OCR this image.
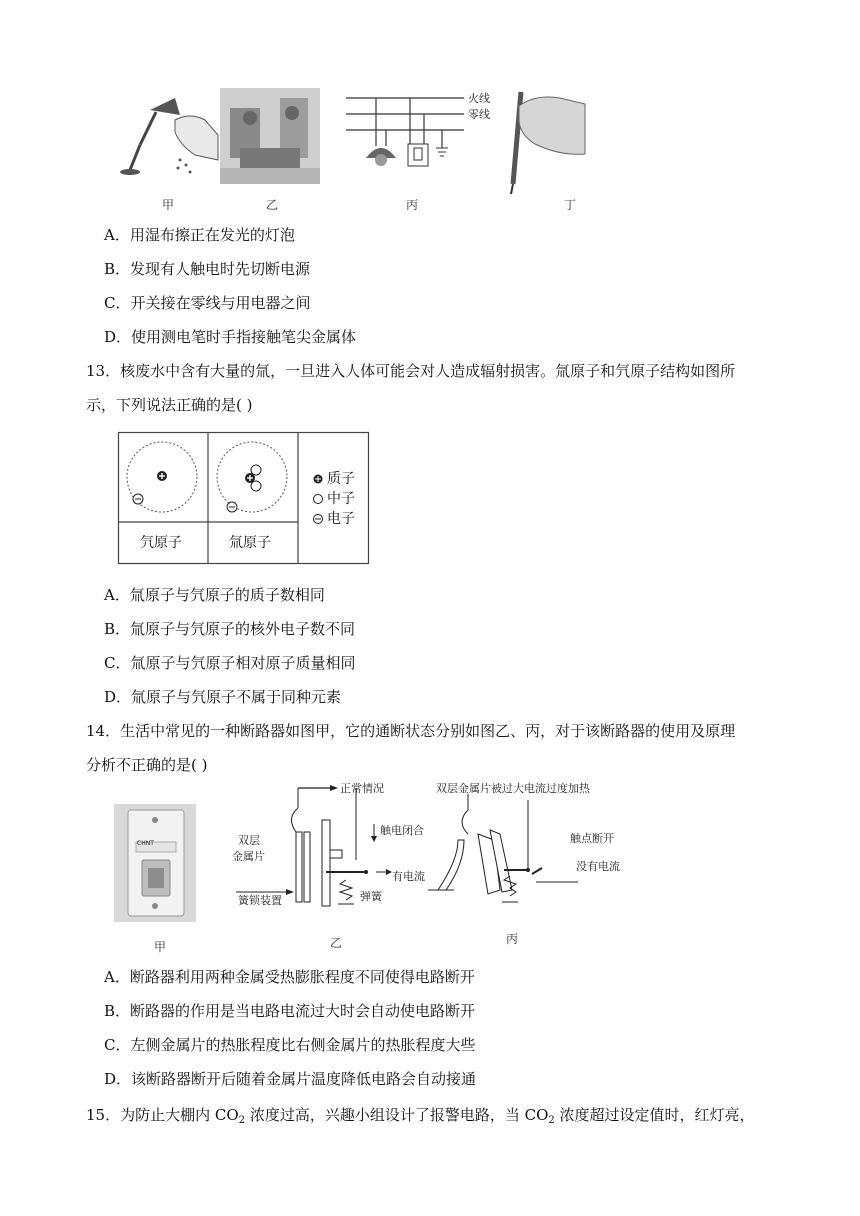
甲	乙
火线
零线
丙	丁
A．用湿布擦正在发光的灯泡
B．发现有人触电时先切断电源
C．开关接在零线与用电器之间
D．使用测电笔时手指接触笔尖金属体
13．核废水中含有大量的氚，一旦进入人体可能会对人造成辐射损害。氚原子和氕原子结构如图所
示，下列说法正确的是( )
氕原子	氚原子
质子
中子
电子
A．氚原子与氕原子的质子数相同
B．氚原子与氕原子的核外电子数不同
C．氚原子与氕原子相对原子质量相同
D．氚原子与氕原子不属于同种元素
14．生活中常见的一种断路器如图甲，它的通断状态分别如图乙、丙，对于该断路器的使用及原理
分析不正确的是( )
CHNT
甲
正常情况
双层
金属片
触电闭合
有电流
弹簧
簧锁装置
乙
双层金属片被过大电流过度加热
触点断开
没有电流
丙
A．断路器利用两种金属受热膨胀程度不同使得电路断开
B．断路器的作用是当电路电流过大时会自动使电路断开
C．左侧金属片的热胀程度比右侧金属片的热胀程度大些
D．该断路器断开后随着金属片温度降低电路会自动接通
15．为防止大棚内 $CO_2$ 浓度过高，兴趣小组设计了报警电路，当 $CO_2$ 浓度超过设定值时，红灯亮，
